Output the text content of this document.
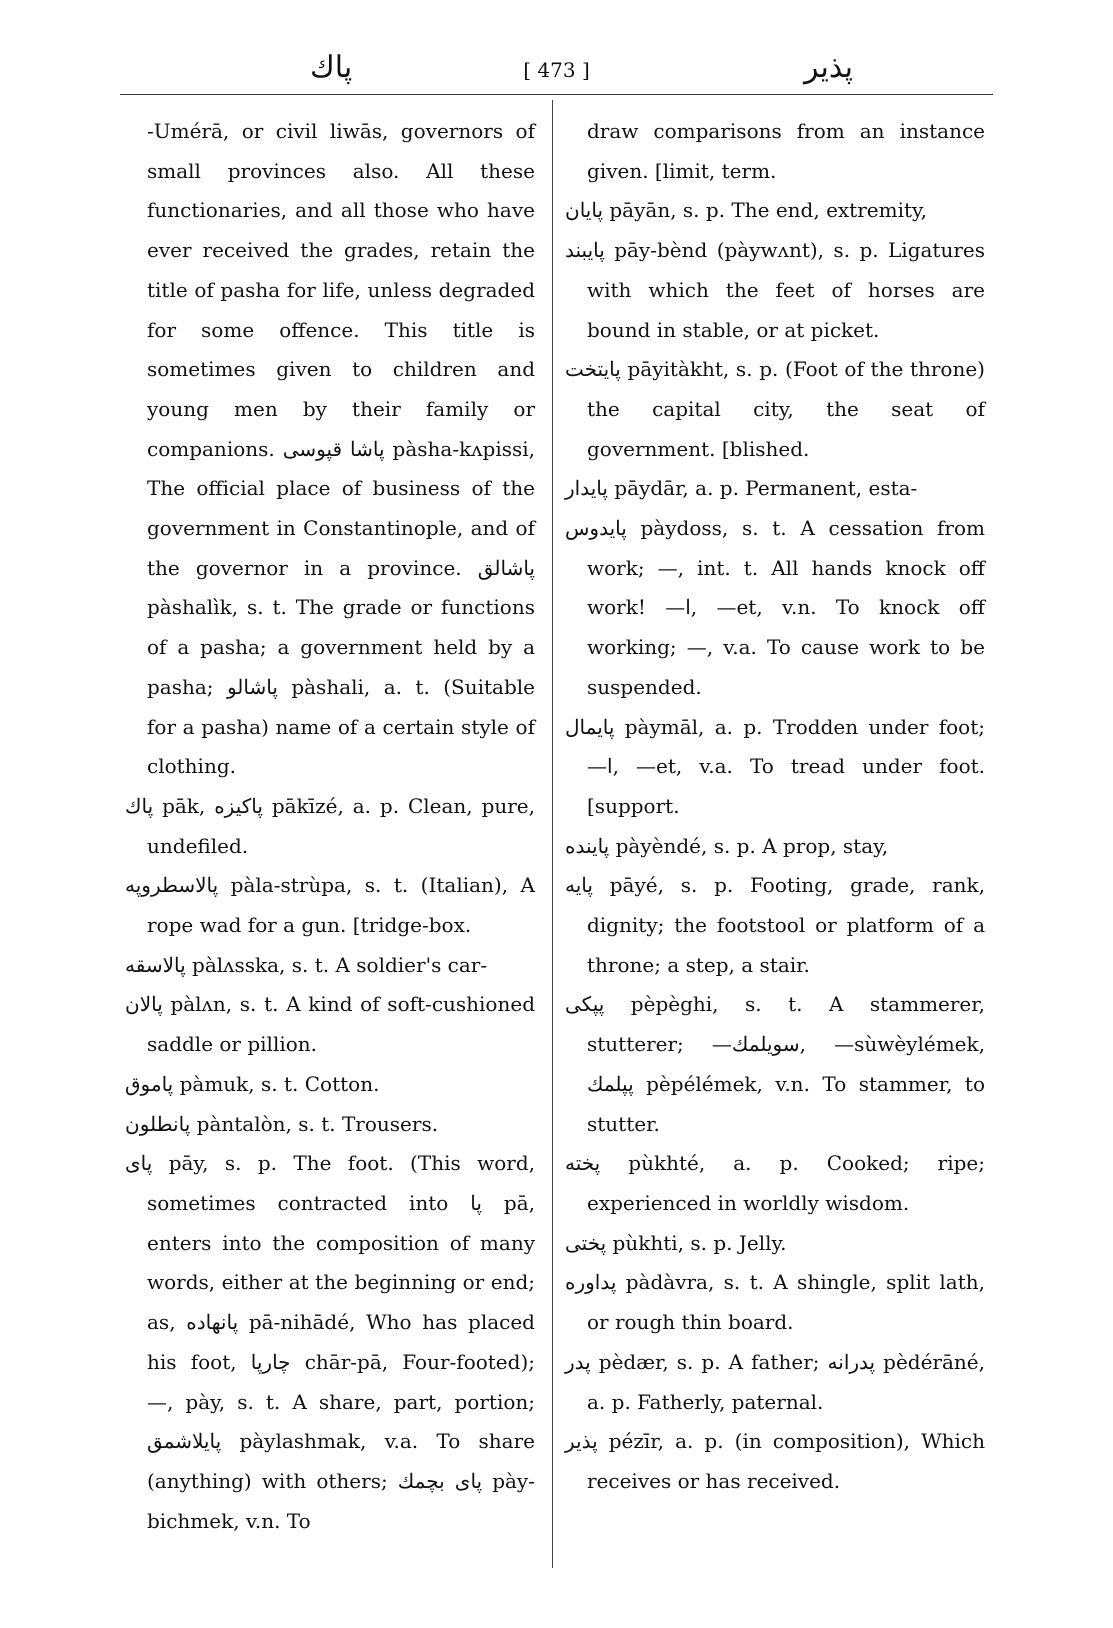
پاك	[ 473 ]	پذیر

-Umérā, or civil liwās, governors of small provinces also. All these functionaries, and all those who have ever received the grades, retain the title of pasha for life, unless degraded for some offence. This title is sometimes given to children and young men by their family or companions. پاشا قپوسی pàsha-kʌpissi, The official place of business of the government in Constantinople, and of the governor in a province. پاشالق pàshalìk, s. t. The grade or functions of a pasha; a government held by a pasha; پاشالو pàshali, a. t. (Suitable for a pasha) name of a certain style of clothing.

پاك pāk, پاكیزه pākīzé, a. p. Clean, pure, undefiled.

پالاسطروپه pàla-strùpa, s. t. (Italian), A rope wad for a gun. [tridge-box.

پالاسقه pàlʌsska, s. t. A soldier's car-

پالان pàlʌn, s. t. A kind of soft-cushioned saddle or pillion.

پاموق pàmuk, s. t. Cotton.

پانطلون pàntalòn, s. t. Trousers.

پای pāy, s. p. The foot. (This word, sometimes contracted into پا pā, enters into the composition of many words, either at the beginning or end; as, پانهاده pā-nihādé, Who has placed his foot, چارپا chār-pā, Four-footed); —, pày, s. t. A share, part, portion; پایلاشمق pàylashmak, v.a. To share (anything) with others; پای بچمك pày-bichmek, v.n. To

draw comparisons from an instance given. [limit, term.

پایان pāyān, s. p. The end, extremity,

پایبند pāy-bènd (pàywʌnt), s. p. Ligatures with which the feet of horses are bound in stable, or at picket.

پایتخت pāyitàkht, s. p. (Foot of the throne) the capital city, the seat of government. [blished.

پایدار pāydār, a. p. Permanent, esta-

پایدوس pàydoss, s. t. A cessation from work; —, int. t. All hands knock off work! —ا, —et, v.n. To knock off working; —, v.a. To cause work to be suspended.

پایمال pàymāl, a. p. Trodden under foot; —ا, —et, v.a. To tread under foot. [support.

پاینده pàyèndé, s. p. A prop, stay,

پایه pāyé, s. p. Footing, grade, rank, dignity; the footstool or platform of a throne; a step, a stair.

پپکی pèpèghi, s. t. A stammerer, stutterer; —سویلمك, —sùwèylémek, پپلمك pèpélémek, v.n. To stammer, to stutter.

پخته pùkhté, a. p. Cooked; ripe; experienced in worldly wisdom.

پختی pùkhti, s. p. Jelly.

پداوره pàdàvra, s. t. A shingle, split lath, or rough thin board.

پدر pèdær, s. p. A father; پدرانه pèdérāné, a. p. Fatherly, paternal.

پذیر pézīr, a. p. (in composition), Which receives or has received.
